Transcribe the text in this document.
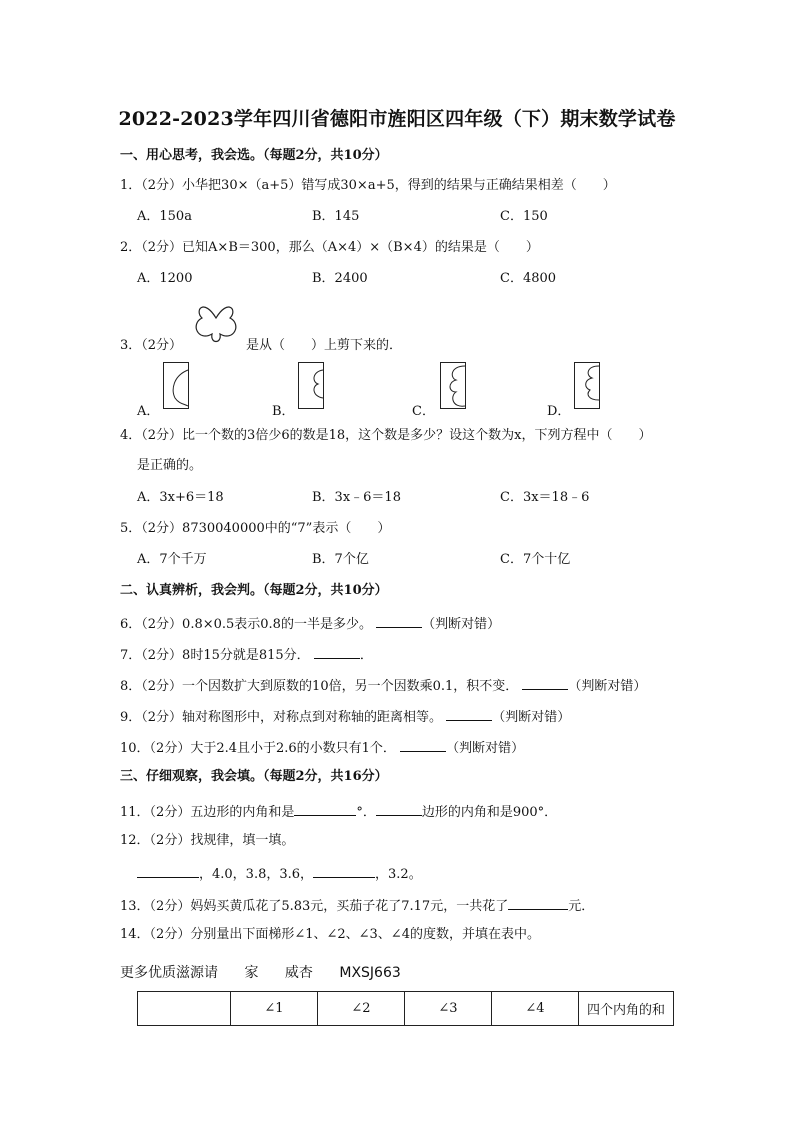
2022-2023学年四川省德阳市旌阳区四年级（下）期末数学试卷
一、用心思考，我会选。（每题2分，共10分）
1．（2分）小华把30×（a+5）错写成30×a+5，得到的结果与正确结果相差（　　）
A．150a	B．145	C．150
2．（2分）已知A×B＝300，那么（A×4）×（B×4）的结果是（　　）
A．1200	B．2400	C．4800
3．（2分）	是从（　　）上剪下来的．
A．	B．	C．	D．
4．（2分）比一个数的3倍少6的数是18，这个数是多少？设这个数为x，下列方程中（　　）
是正确的。
A．3x+6＝18	B．3x﹣6＝18	C．3x＝18﹣6
5．（2分）8730040000中的“7”表示（　　）
A．7个千万	B．7个亿	C．7个十亿
二、认真辨析，我会判。（每题2分，共10分）
6．（2分）0.8×0.5表示0.8的一半是多少。	（判断对错）
7．（2分）8时15分就是815分．	．
8．（2分）一个因数扩大到原数的10倍，另一个因数乘0.1，积不变．	（判断对错）
9．（2分）轴对称图形中，对称点到对称轴的距离相等。	（判断对错）
10．（2分）大于2.4且小于2.6的小数只有1个．	（判断对错）
三、仔细观察，我会填。（每题2分，共16分）
11．（2分）五边形的内角和是	°．	边形的内角和是900°．
12．（2分）找规律，填一填。
，4.0，3.8，3.6，	，3.2。
13．（2分）妈妈买黄瓜花了5.83元，买茄子花了7.17元，一共花了	元．
14．（2分）分别量出下面梯形∠1、∠2、∠3、∠4的度数，并填在表中。
更多优质滋源请 家 威杏 MXSJ663
	∠1	∠2	∠3	∠4	四个内角的和
